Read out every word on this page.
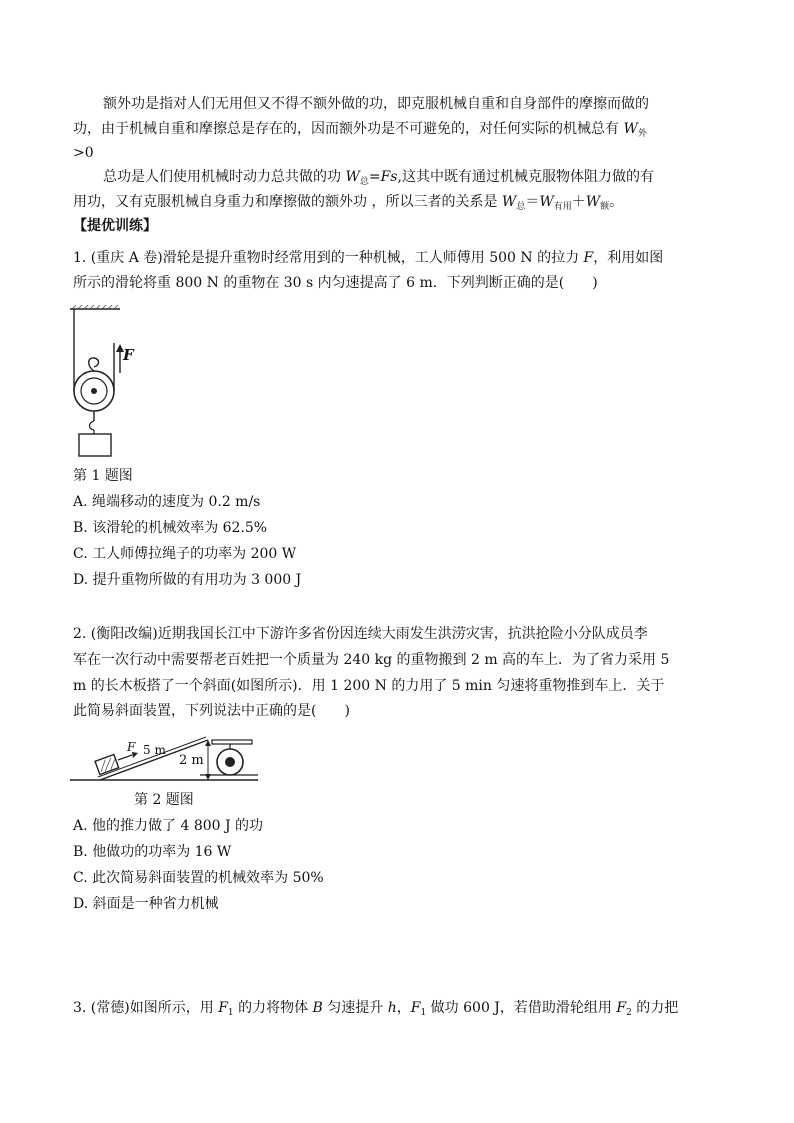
额外功是指对人们无用但又不得不额外做的功，即克服机械自重和自身部件的摩擦而做的
功，由于机械自重和摩擦总是存在的，因而额外功是不可避免的，对任何实际的机械总有 $W_外$
>0
总功是人们使用机械时动力总共做的功 $W_总=Fs$,这其中既有通过机械克服物体阻力做的有
用功，又有克服机械自身重力和摩擦做的额外功 ，所以三者的关系是 $W_总=W_{有用}+W_额$。
【提优训练】
1. (重庆 A 卷)滑轮是提升重物时经常用到的一种机械，工人师傅用 500 N 的拉力 F，利用如图
所示的滑轮将重 800 N 的重物在 30 s 内匀速提高了 6 m．下列判断正确的是(　　)
F
第 1 题图
A. 绳端移动的速度为 0.2 m/s
B. 该滑轮的机械效率为 62.5%
C. 工人师傅拉绳子的功率为 200 W
D. 提升重物所做的有用功为 3 000 J
2. (衡阳改编)近期我国长江中下游许多省份因连续大雨发生洪涝灾害，抗洪抢险小分队成员李
军在一次行动中需要帮老百姓把一个质量为 240 kg 的重物搬到 2 m 高的车上．为了省力采用 5
m 的长木板搭了一个斜面(如图所示)．用 1 200 N 的力用了 5 min 匀速将重物推到车上．关于
此简易斜面装置，下列说法中正确的是(　　)
F 5 m
2 m
第 2 题图
A. 他的推力做了 4 800 J 的功
B. 他做功的功率为 16 W
C. 此次简易斜面装置的机械效率为 50%
D. 斜面是一种省力机械
3. (常德)如图所示，用 $F_1$ 的力将物体 B 匀速提升 h，$F_1$ 做功 600 J，若借助滑轮组用 $F_2$ 的力把
